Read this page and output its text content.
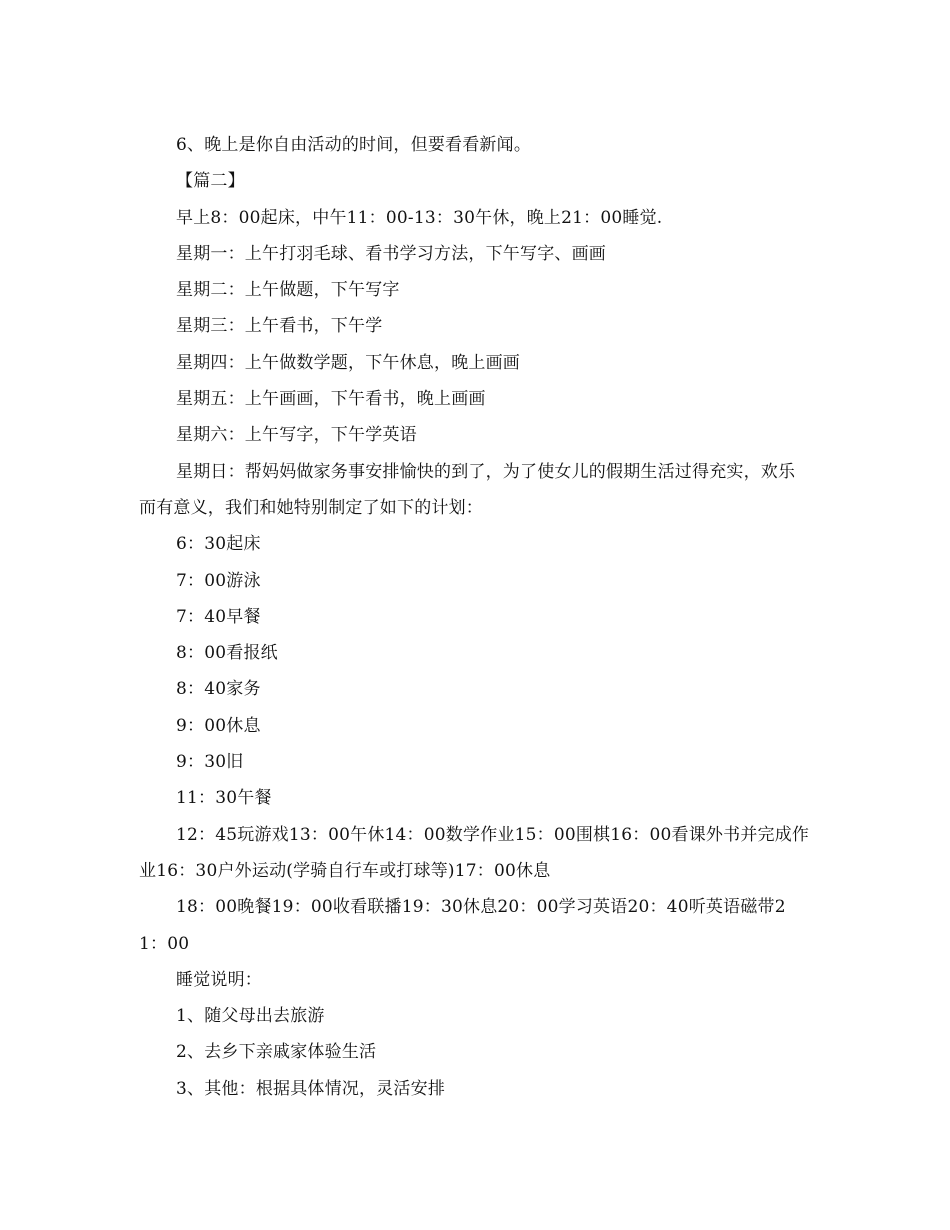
6、晚上是你自由活动的时间，但要看看新闻。

【篇二】

早上8：00起床，中午11：00-13：30午休，晚上21：00睡觉.

星期一：上午打羽毛球、看书学习方法，下午写字、画画

星期二：上午做题，下午写字

星期三：上午看书，下午学

星期四：上午做数学题，下午休息，晚上画画

星期五：上午画画，下午看书，晚上画画

星期六：上午写字，下午学英语

星期日：帮妈妈做家务事安排愉快的到了，为了使女儿的假期生活过得充实，欢乐而有意义，我们和她特别制定了如下的计划：

6：30起床

7：00游泳

7：40早餐

8：00看报纸

8：40家务

9：00休息

9：30旧

11：30午餐

12：45玩游戏13：00午休14：00数学作业15：00围棋16：00看课外书并完成作业16：30户外运动(学骑自行车或打球等)17：00休息

18：00晚餐19：00收看联播19：30休息20：00学习英语20：40听英语磁带21：00

睡觉说明：

1、随父母出去旅游

2、去乡下亲戚家体验生活

3、其他：根据具体情况，灵活安排
